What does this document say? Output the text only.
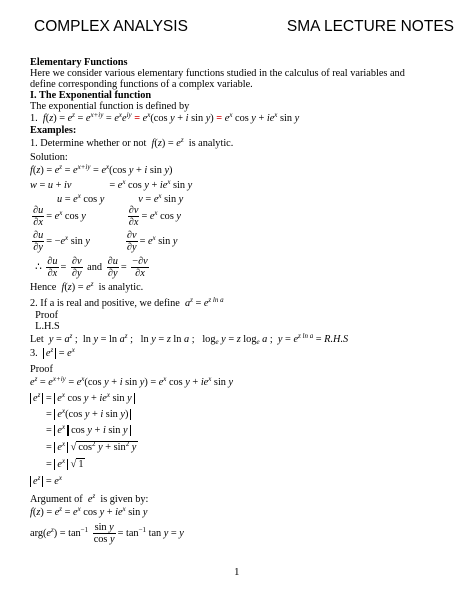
COMPLEX ANALYSIS	SMA LECTURE NOTES
Elementary Functions
Here we consider various elementary functions studied in the calculus of real variables and
define corresponding functions of a complex variable.
I. The Exponential function
The exponential function is defined by
1.  $f(z) = e^z = e^{x+iy} = e^xe^{iy} = e^x(\cos$ y + i $\sin y) = e^x$ $\cos y + ie^x$ sin y
Examples:
1. Determine whether or not $f(z) = e^z$ is analytic.
Solution:
$f(z) = e^z = e^{x+iy} = e^x(\cos$ y + i sin y)
w = u + iv	= $e^x$ $\cos y + ie^x$ sin y
$u = e^x$ cos y	$v = e^x$ sin y
$\frac{\partial u}{\partial x} = e^x$ cos y	$\frac{\partial v}{\partial x} = e^x$ cos y
$\frac{\partial u}{\partial y} = -e^x$ sin y	$\frac{\partial v}{\partial y} = e^x$ sin y
∴ $\frac{\partial u}{\partial x} = \frac{\partial v}{\partial y}$ and $\frac{\partial u}{\partial y} = \frac{-\partial v}{\partial x}$
Hence $f(z) = e^z$ is analytic.
2. If a is real and positive, we define $a^z = e^{z ln a}$
Proof
L.H.S
Let $y = a^z$ ;  $\ln y = \ln a^z$ ;   ln y = z ln a ;   $\log_e y = z$ $\log_e a$ ;  $y = e^{z ln a} = R.H.S$
3. $e^z = e^x$
Proof
$e^z = e^{x+iy} = e^x(\cos$ y + i $\sin y) = e^x$ $\cos y + ie^x$ sin y
$e^z = e^x$ $\cos y + ie^x$ sin y
= $e^x(\cos$ y + i sin y)
= $e^x$ cos y + i sin y
= $e^x$ √ $\cos^2 y + \sin^2 y$
= $e^x$ √ 1
$e^z = e^x$
Argument of $e^z$ is given by:
$f(z) = e^z = e^x$ $\cos y + ie^x$ sin y
$arg(e^z) = \tan^{-1} \frac{\text{sin y}}{\text{cos y}} = \tan^{-1} \tan y = y$
1
